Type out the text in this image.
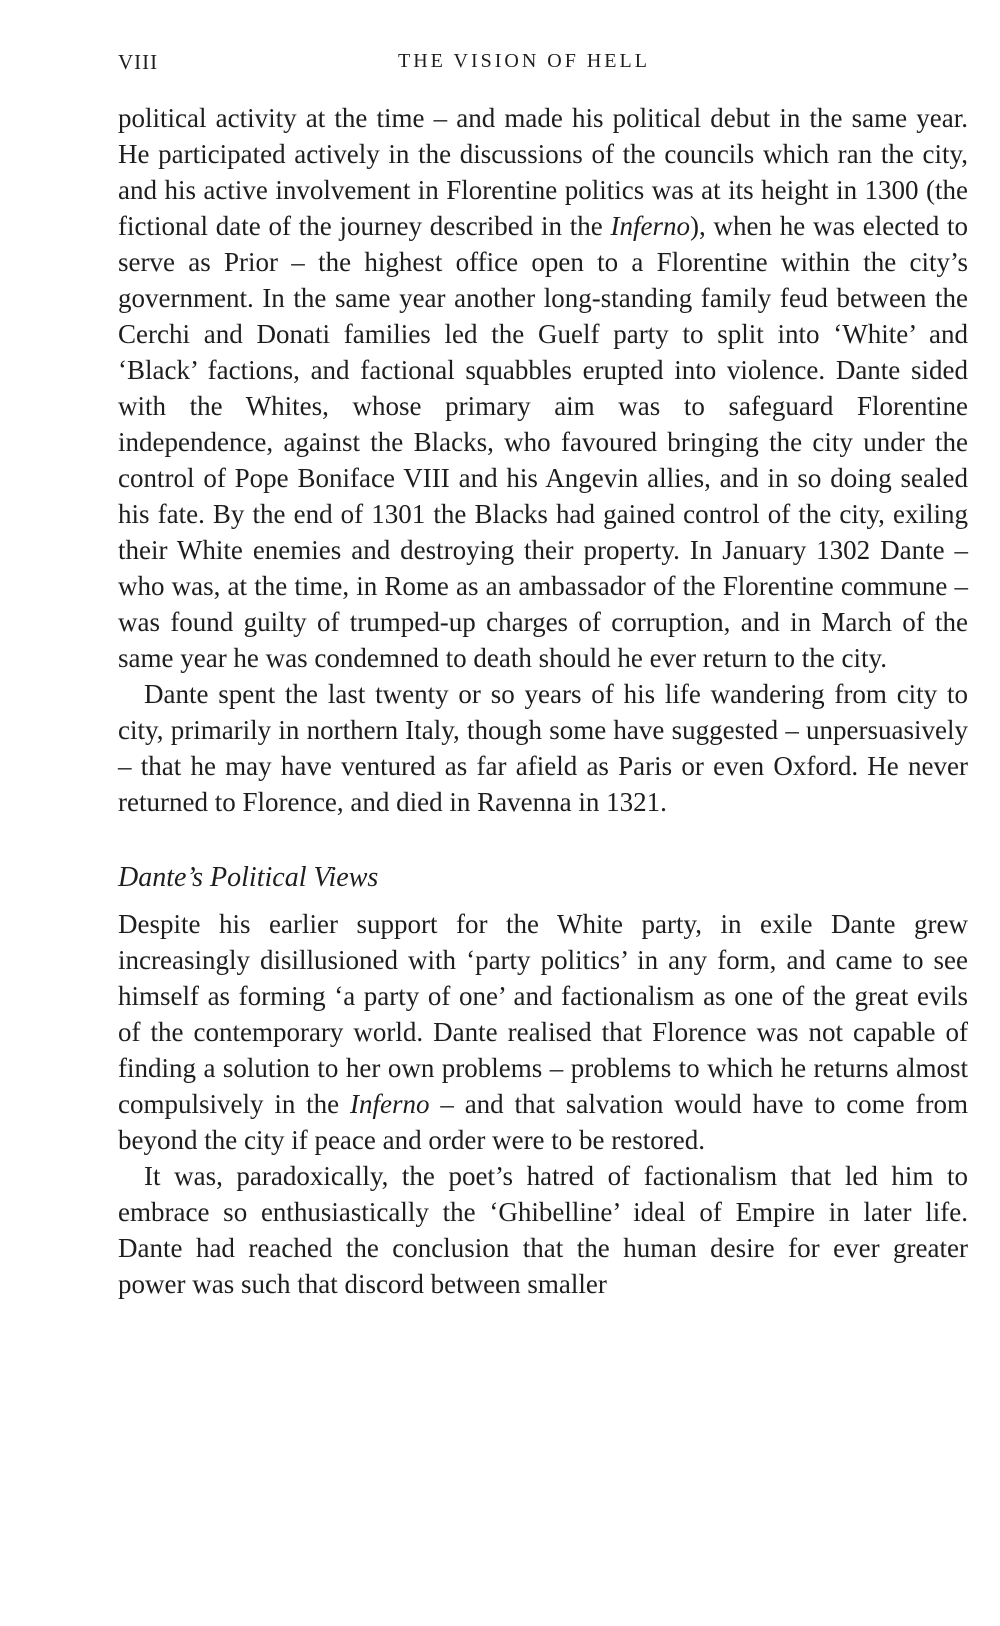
VIII	THE VISION OF HELL

political activity at the time – and made his political debut in the same year. He participated actively in the discussions of the councils which ran the city, and his active involvement in Florentine politics was at its height in 1300 (the fictional date of the journey described in the Inferno), when he was elected to serve as Prior – the highest office open to a Florentine within the city’s government. In the same year another long-standing family feud between the Cerchi and Donati families led the Guelf party to split into ‘White’ and ‘Black’ factions, and factional squabbles erupted into violence. Dante sided with the Whites, whose primary aim was to safeguard Florentine independence, against the Blacks, who favoured bringing the city under the control of Pope Boniface VIII and his Angevin allies, and in so doing sealed his fate. By the end of 1301 the Blacks had gained control of the city, exiling their White enemies and destroying their property. In January 1302 Dante – who was, at the time, in Rome as an ambassador of the Florentine commune – was found guilty of trumped-up charges of corruption, and in March of the same year he was condemned to death should he ever return to the city.

Dante spent the last twenty or so years of his life wandering from city to city, primarily in northern Italy, though some have suggested – unpersuasively – that he may have ventured as far afield as Paris or even Oxford. He never returned to Florence, and died in Ravenna in 1321.

Dante’s Political Views

Despite his earlier support for the White party, in exile Dante grew increasingly disillusioned with ‘party politics’ in any form, and came to see himself as forming ‘a party of one’ and factionalism as one of the great evils of the contemporary world. Dante realised that Florence was not capable of finding a solution to her own problems – problems to which he returns almost compulsively in the Inferno – and that salvation would have to come from beyond the city if peace and order were to be restored.

It was, paradoxically, the poet’s hatred of factionalism that led him to embrace so enthusiastically the ‘Ghibelline’ ideal of Empire in later life. Dante had reached the conclusion that the human desire for ever greater power was such that discord between smaller
